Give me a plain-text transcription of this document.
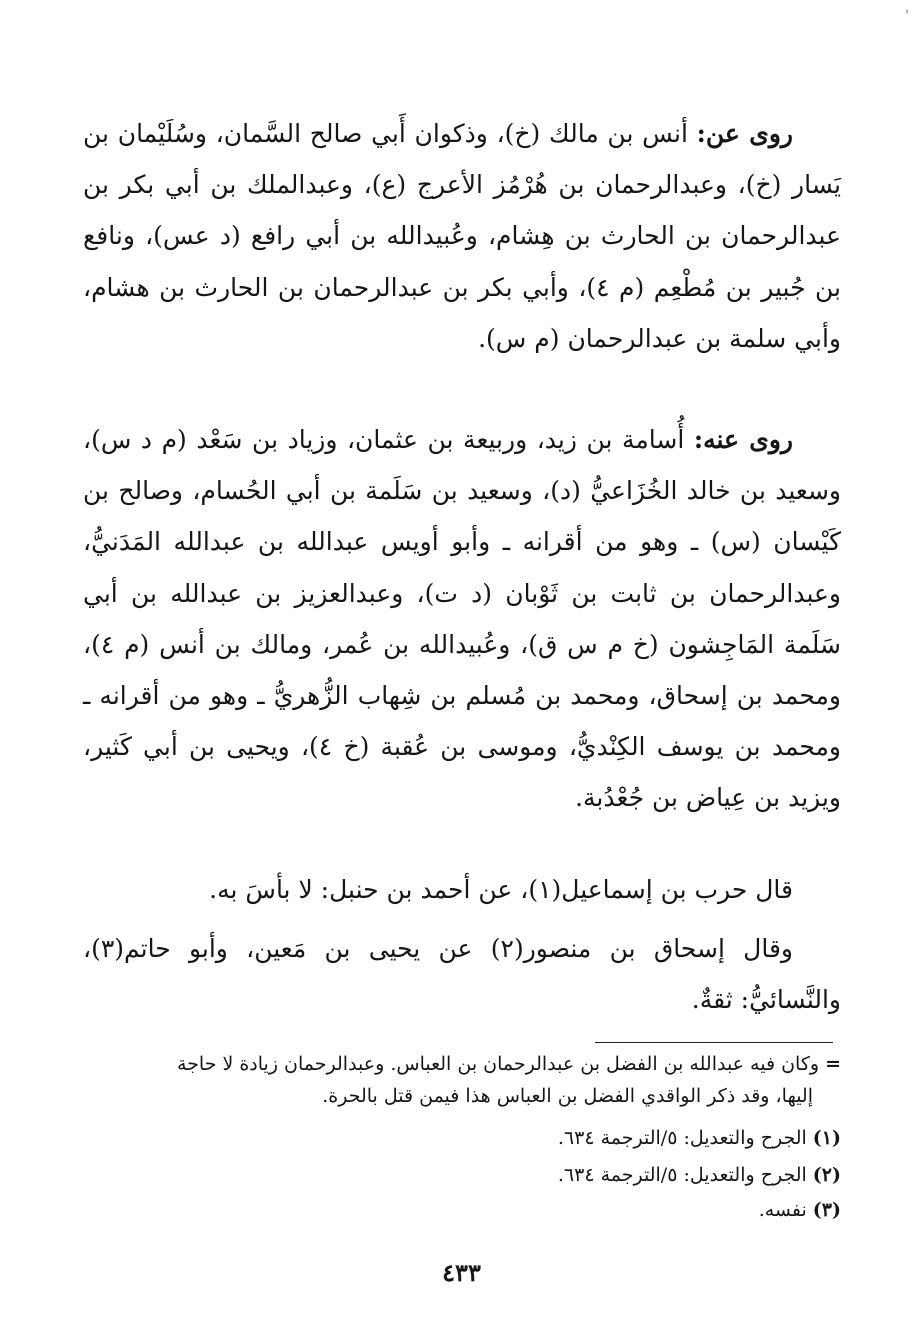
'

روى عن: أنس بن مالك (خ)، وذكوان أَبي صالح السَّمان، وسُلَيْمان بن يَسار (خ)، وعبدالرحمان بن هُرْمُز الأعرج (ع)، وعبدالملك بن أبي بكر بن عبدالرحمان بن الحارث بن هِشام، وعُبيدالله بن أبي رافع (د عس)، ونافع بن جُبير بن مُطْعِم (م ٤)، وأبي بكر بن عبدالرحمان بن الحارث بن هشام، وأبي سلمة بن عبدالرحمان (م س).

روى عنه: أُسامة بن زيد، وربيعة بن عثمان، وزياد بن سَعْد (م د س)، وسعيد بن خالد الخُزَاعيُّ (د)، وسعيد بن سَلَمة بن أبي الحُسام، وصالح بن كَيْسان (س) ـ وهو من أقرانه ـ وأبو أويس عبدالله بن عبدالله المَدَنيُّ، وعبدالرحمان بن ثابت بن ثَوْبان (د ت)، وعبدالعزيز بن عبدالله بن أبي سَلَمة المَاجِشون (خ م س ق)، وعُبيدالله بن عُمر، ومالك بن أنس (م ٤)، ومحمد بن إسحاق، ومحمد بن مُسلم بن شِهاب الزُّهريُّ ـ وهو من أقرانه ـ ومحمد بن يوسف الكِنْديُّ، وموسى بن عُقبة (خ ٤)، ويحيى بن أبي كَثير، ويزيد بن عِياض بن جُعْدُبة.

قال حرب بن إسماعيل(١)، عن أحمد بن حنبل: لا بأسَ به.

وقال إسحاق بن منصور(٢) عن يحيى بن مَعين، وأبو حاتم(٣)، والنَّسائيُّ: ثقةٌ.

=وكان فيه عبدالله بن الفضل بن عبدالرحمان بن العباس. وعبدالرحمان زيادة لا حاجة
إليها، وقد ذكر الواقدي الفضل بن العباس هذا فيمن قتل بالحرة.

(١)الجرح والتعديل: ٥/الترجمة ٦٣٤.

(٢)الجرح والتعديل: ٥/الترجمة ٦٣٤.

(٣)نفسه.

٤٣٣
